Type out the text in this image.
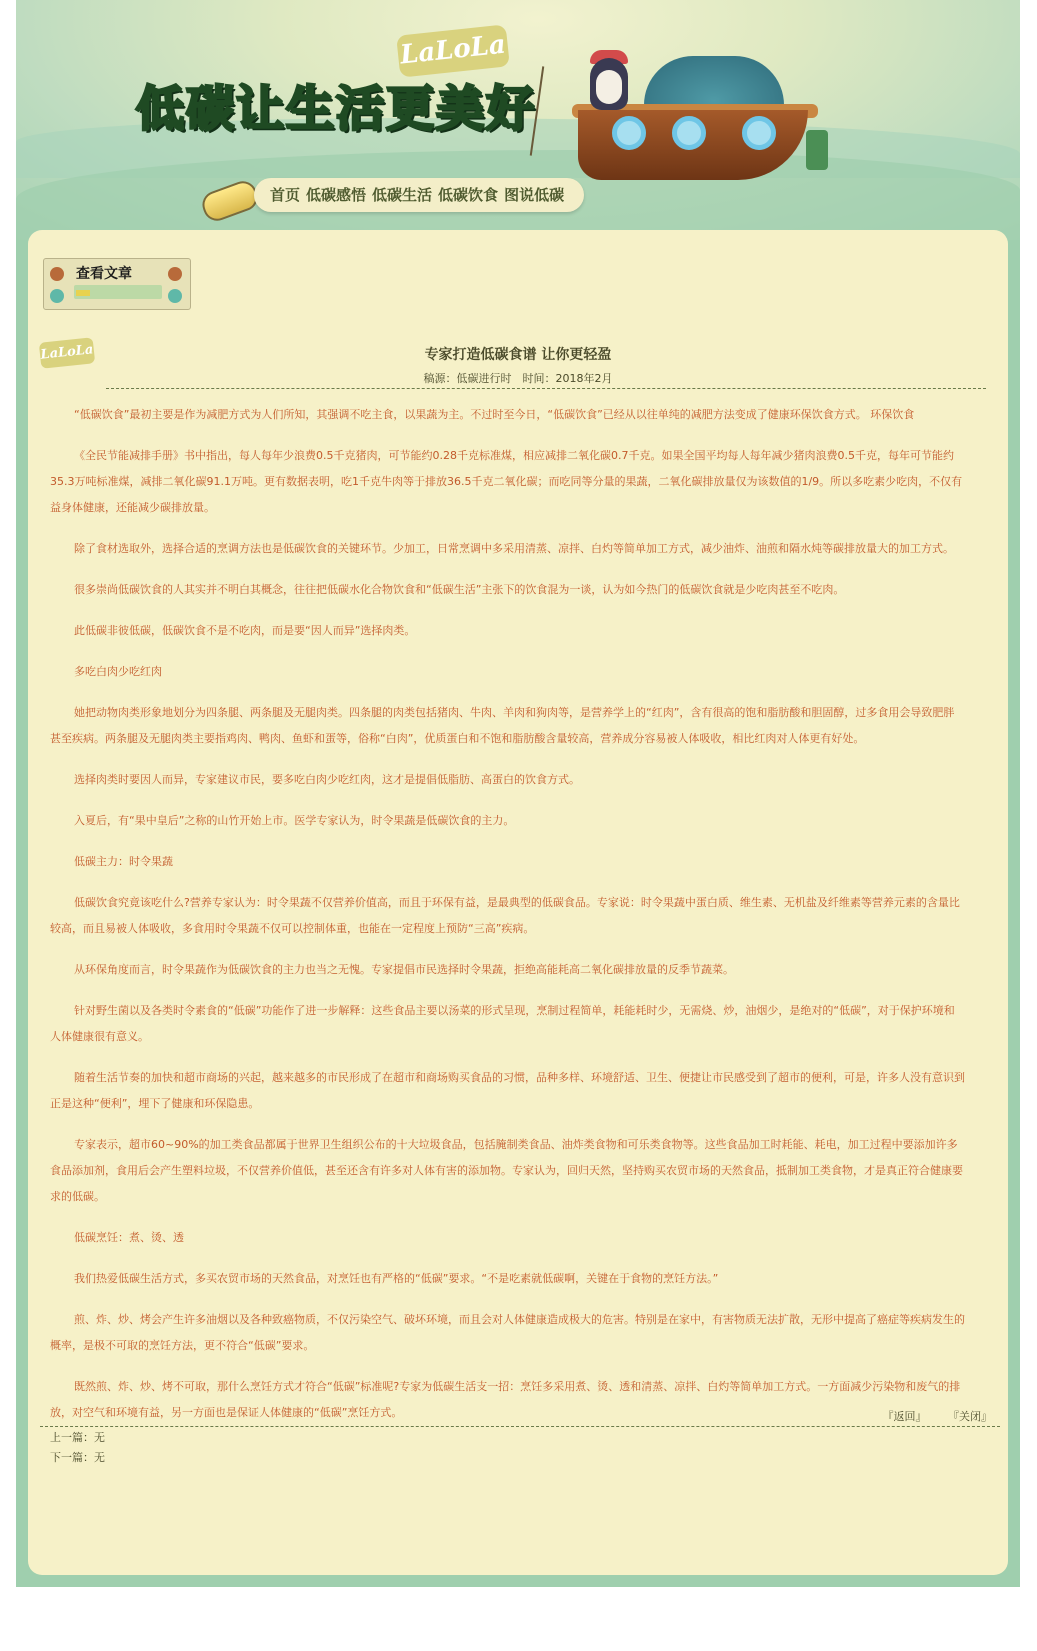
LaLoLa
低碳让生活更美好
首页 低碳感悟 低碳生活 低碳饮食 图说低碳
查看文章
LaLoLa	专家打造低碳食谱 让你更轻盈
稿源：低碳进行时　时间：2018年2月

“低碳饮食”最初主要是作为减肥方式为人们所知，其强调不吃主食，以果蔬为主。不过时至今日，“低碳饮食”已经从以往单纯的减肥方法变成了健康环保饮食方式。 环保饮食

《全民节能减排手册》书中指出，每人每年少浪费0.5千克猪肉，可节能约0.28千克标准煤，相应减排二氧化碳0.7千克。如果全国平均每人每年减少猪肉浪费0.5千克，每年可节能约35.3万吨标准煤，减排二氧化碳91.1万吨。更有数据表明，吃1千克牛肉等于排放36.5千克二氧化碳；而吃同等分量的果蔬，二氧化碳排放量仅为该数值的1/9。所以多吃素少吃肉，不仅有益身体健康，还能减少碳排放量。

除了食材选取外，选择合适的烹调方法也是低碳饮食的关键环节。少加工，日常烹调中多采用清蒸、凉拌、白灼等简单加工方式，减少油炸、油煎和隔水炖等碳排放量大的加工方式。

很多崇尚低碳饮食的人其实并不明白其概念，往往把低碳水化合物饮食和“低碳生活”主张下的饮食混为一谈，认为如今热门的低碳饮食就是少吃肉甚至不吃肉。

此低碳非彼低碳，低碳饮食不是不吃肉，而是要“因人而异”选择肉类。

多吃白肉少吃红肉

她把动物肉类形象地划分为四条腿、两条腿及无腿肉类。四条腿的肉类包括猪肉、牛肉、羊肉和狗肉等，是营养学上的“红肉”，含有很高的饱和脂肪酸和胆固醇，过多食用会导致肥胖甚至疾病。两条腿及无腿肉类主要指鸡肉、鸭肉、鱼虾和蛋等，俗称“白肉”，优质蛋白和不饱和脂肪酸含量较高，营养成分容易被人体吸收，相比红肉对人体更有好处。

选择肉类时要因人而异，专家建议市民，要多吃白肉少吃红肉，这才是提倡低脂肪、高蛋白的饮食方式。

入夏后，有“果中皇后”之称的山竹开始上市。医学专家认为，时令果蔬是低碳饮食的主力。

低碳主力：时令果蔬

低碳饮食究竟该吃什么?营养专家认为：时令果蔬不仅营养价值高，而且于环保有益，是最典型的低碳食品。专家说：时令果蔬中蛋白质、维生素、无机盐及纤维素等营养元素的含量比较高，而且易被人体吸收，多食用时令果蔬不仅可以控制体重，也能在一定程度上预防“三高”疾病。

从环保角度而言，时令果蔬作为低碳饮食的主力也当之无愧。专家提倡市民选择时令果蔬，拒绝高能耗高二氧化碳排放量的反季节蔬菜。

针对野生菌以及各类时令素食的“低碳”功能作了进一步解释：这些食品主要以汤菜的形式呈现，烹制过程简单，耗能耗时少，无需烧、炒，油烟少，是绝对的“低碳”，对于保护环境和人体健康很有意义。

随着生活节奏的加快和超市商场的兴起，越来越多的市民形成了在超市和商场购买食品的习惯，品种多样、环境舒适、卫生、便捷让市民感受到了超市的便利，可是，许多人没有意识到正是这种“便利”，埋下了健康和环保隐患。

专家表示，超市60~90%的加工类食品都属于世界卫生组织公布的十大垃圾食品，包括腌制类食品、油炸类食物和可乐类食物等。这些食品加工时耗能、耗电，加工过程中要添加许多食品添加剂，食用后会产生塑料垃圾，不仅营养价值低，甚至还含有许多对人体有害的添加物。专家认为，回归天然，坚持购买农贸市场的天然食品，抵制加工类食物，才是真正符合健康要求的低碳。

低碳烹饪：煮、烫、透

我们热爱低碳生活方式，多买农贸市场的天然食品，对烹饪也有严格的“低碳”要求。“不是吃素就低碳啊，关键在于食物的烹饪方法。”

煎、炸、炒、烤会产生许多油烟以及各种致癌物质，不仅污染空气、破坏环境，而且会对人体健康造成极大的危害。特别是在家中，有害物质无法扩散，无形中提高了癌症等疾病发生的概率，是极不可取的烹饪方法，更不符合“低碳”要求。

既然煎、炸、炒、烤不可取，那什么烹饪方式才符合“低碳”标准呢?专家为低碳生活支一招：烹饪多采用煮、烫、透和清蒸、凉拌、白灼等简单加工方式。一方面减少污染物和废气的排放，对空气和环境有益，另一方面也是保证人体健康的“低碳”烹饪方式。	『返回』 『关闭』
上一篇：无
下一篇：无
